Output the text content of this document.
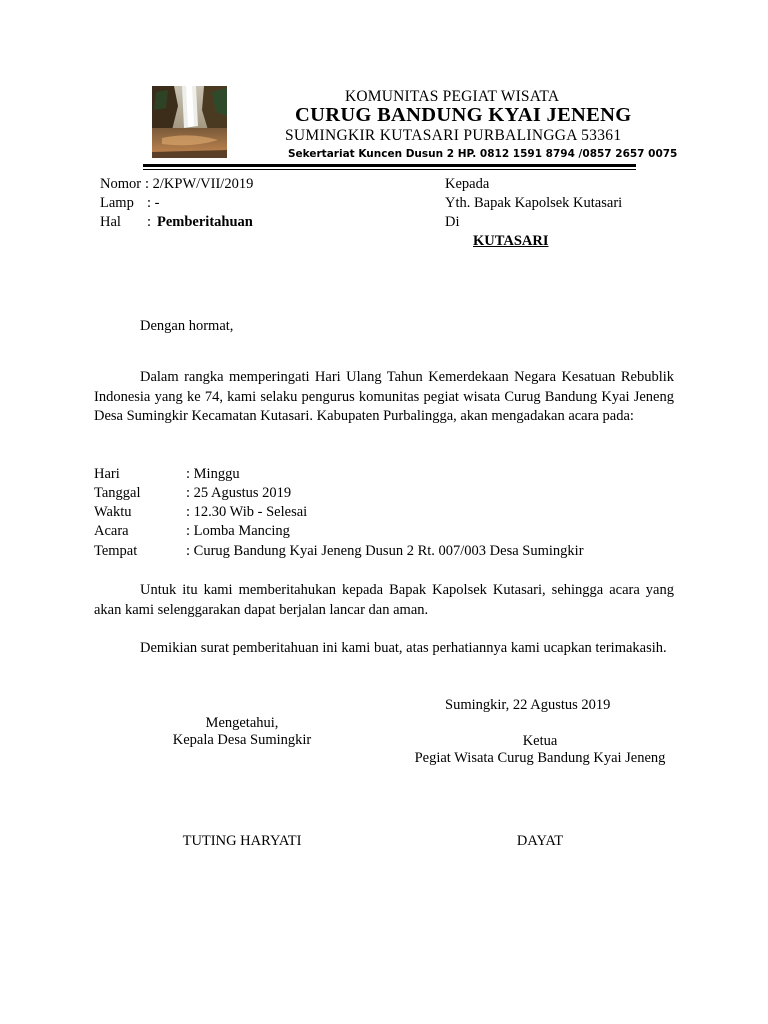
KOMUNITAS PEGIAT WISATA
CURUG BANDUNG KYAI JENENG
SUMINGKIR KUTASARI PURBALINGGA 53361
Sekertariat Kuncen Dusun 2 HP. 0812 1591 8794 /0857 2657 0075
Nomor : 2/KPW/VII/2019
Lamp : -
Hal : Pemberitahuan
Kepada
Yth. Bapak Kapolsek Kutasari
Di
KUTASARI
Dengan hormat,
Dalam rangka memperingati Hari Ulang Tahun Kemerdekaan Negara Kesatuan Rebublik Indonesia yang ke 74, kami selaku pengurus komunitas pegiat wisata Curug Bandung Kyai Jeneng Desa Sumingkir Kecamatan Kutasari. Kabupaten Purbalingga, akan mengadakan acara pada:
Hari	: Minggu
Tanggal	: 25 Agustus 2019
Waktu	: 12.30 Wib - Selesai
Acara	: Lomba Mancing
Tempat	: Curug Bandung Kyai Jeneng Dusun 2 Rt. 007/003 Desa Sumingkir
Untuk itu kami memberitahukan kepada Bapak Kapolsek Kutasari, sehingga acara yang akan kami selenggarakan dapat berjalan lancar dan aman.
Demikian surat pemberitahuan ini kami buat, atas perhatiannya kami ucapkan terimakasih.
Sumingkir, 22 Agustus 2019
Mengetahui,
Kepala Desa Sumingkir	Ketua
Pegiat Wisata Curug Bandung Kyai Jeneng
TUTING HARYATI	DAYAT
